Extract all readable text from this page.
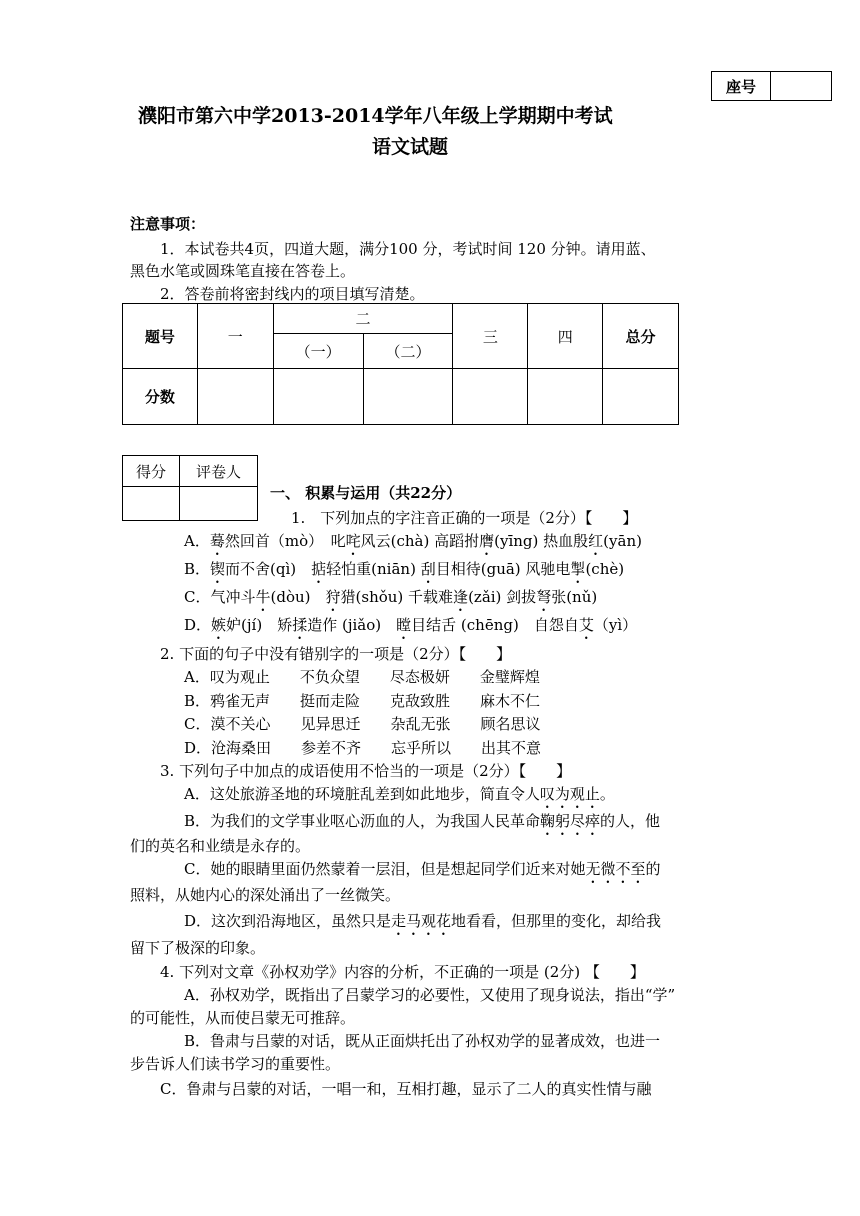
座号
濮阳市第六中学2013-2014学年八年级上学期期中考试
语文试题
注意事项：
1．本试卷共4页，四道大题，满分100 分，考试时间 120 分钟。请用蓝、
黑色水笔或圆珠笔直接在答卷上。
2．答卷前将密封线内的项目填写清楚。
题号	一	二		三	四	总分
		（一）	（二）			
分数						
得分	评卷人

一、 积累与运用（共22分）
1.　下列加点的字注音正确的一项是（2分）【　　】
A．蓦然回首（mò）　叱咤风云(chà) 高蹈拊膺(yīng) 热血殷红(yān)
B．锲而不舍(qì)　掂轻怕重(niān) 刮目相待(guā) 风驰电掣(chè)
C．气冲斗牛(dòu)　狩猎(shǒu) 千载难逢(zǎi) 剑拔弩张(nǔ)
D．嫉妒(jí)　矫揉造作 (jiǎo)　瞠目结舌 (chēng)　自怨自艾（yì）
2. 下面的句子中没有错别字的一项是（2分）【　　】
A．叹为观止　　不负众望　　尽态极妍　　金璧辉煌
B．鸦雀无声　　挺而走险　　克敌致胜　　麻木不仁
C．漠不关心　　见异思迁　　杂乱无张　　顾名思议
D．沧海桑田　　参差不齐　　忘乎所以　　出其不意
3. 下列句子中加点的成语使用不恰当的一项是（2分）【　　】
A．这处旅游圣地的环境脏乱差到如此地步，简直令人叹为观止。
B．为我们的文学事业呕心沥血的人，为我国人民革命鞠躬尽瘁的人，他
们的英名和业绩是永存的。
C．她的眼睛里面仍然蒙着一层泪，但是想起同学们近来对她无微不至的
照料，从她内心的深处涌出了一丝微笑。
D．这次到沿海地区，虽然只是走马观花地看看，但那里的变化，却给我
留下了极深的印象。
4. 下列对文章《孙权劝学》内容的分析，不正确的一项是 (2分) 【　　】
A．孙权劝学，既指出了吕蒙学习的必要性，又使用了现身说法，指出“学”
的可能性，从而使吕蒙无可推辞。
B．鲁肃与吕蒙的对话，既从正面烘托出了孙权劝学的显著成效，也进一
步告诉人们读书学习的重要性。
C．鲁肃与吕蒙的对话，一唱一和，互相打趣，显示了二人的真实性情与融
